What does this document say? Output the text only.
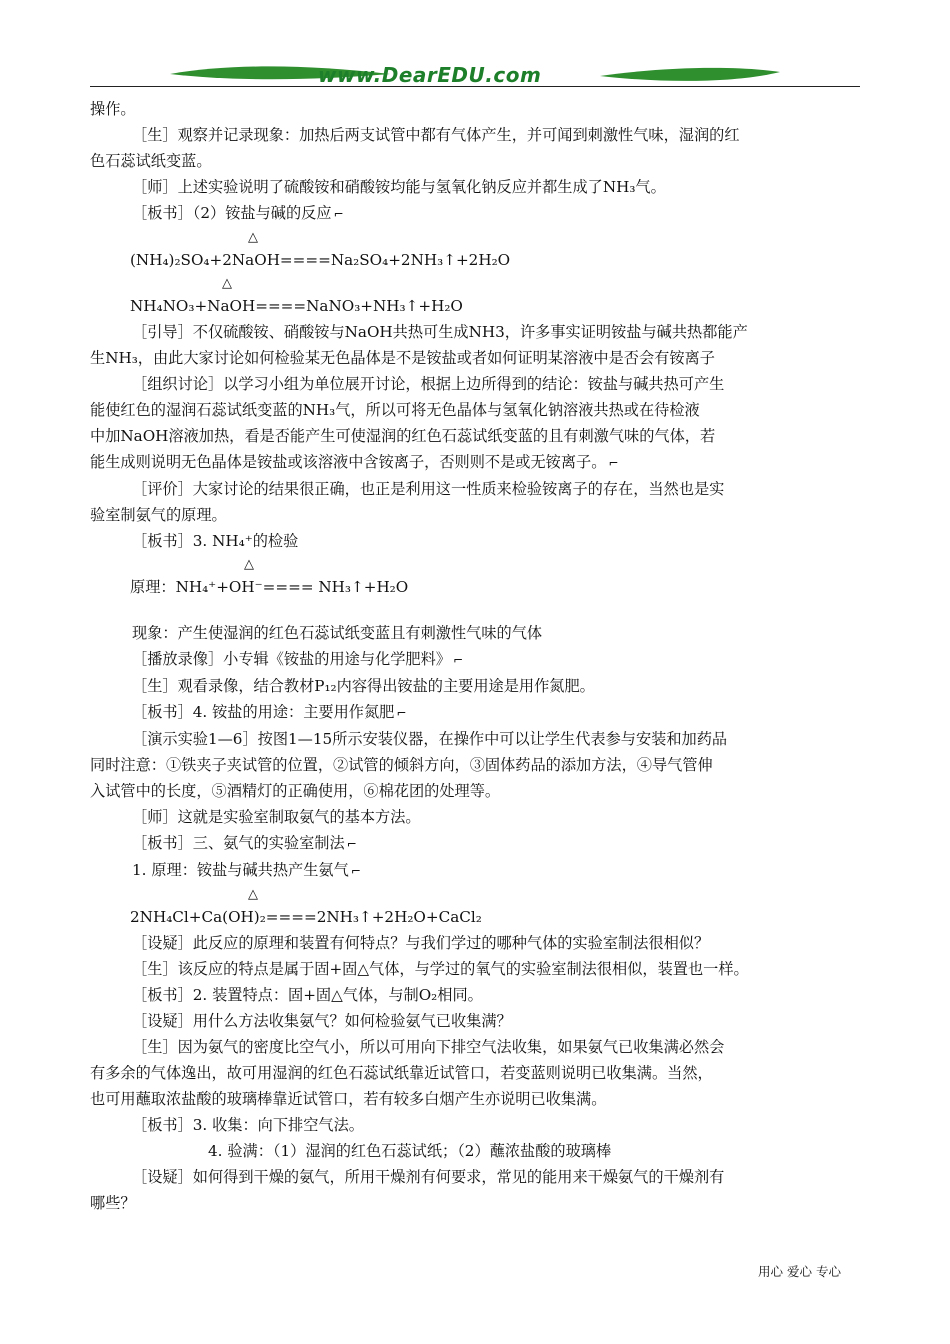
www.DearEDU.com

操作。

［生］观察并记录现象：加热后两支试管中都有气体产生，并可闻到刺激性气味，湿润的红

色石蕊试纸变蓝。

［师］上述实验说明了硫酸铵和硝酸铵均能与氢氧化钠反应并都生成了NH₃气。

［板书］（2）铵盐与碱的反应 ⌐

△
(NH₄)₂SO₄+2NaOH====Na₂SO₄+2NH₃↑+2H₂O

△
NH₄NO₃+NaOH====NaNO₃+NH₃↑+H₂O

［引导］不仅硫酸铵、硝酸铵与NaOH共热可生成NH3，许多事实证明铵盐与碱共热都能产

生NH₃，由此大家讨论如何检验某无色晶体是不是铵盐或者如何证明某溶液中是否会有铵离子

［组织讨论］以学习小组为单位展开讨论，根据上边所得到的结论：铵盐与碱共热可产生

能使红色的湿润石蕊试纸变蓝的NH₃气，所以可将无色晶体与氢氧化钠溶液共热或在待检液

中加NaOH溶液加热，看是否能产生可使湿润的红色石蕊试纸变蓝的且有刺激气味的气体，若

能生成则说明无色晶体是铵盐或该溶液中含铵离子，否则则不是或无铵离子。 ⌐

［评价］大家讨论的结果很正确，也正是利用这一性质来检验铵离子的存在，当然也是实

验室制氨气的原理。

［板书］3. NH₄⁺的检验

△
原理：NH₄⁺+OH⁻==== NH₃↑+H₂O

现象：产生使湿润的红色石蕊试纸变蓝且有刺激性气味的气体

［播放录像］小专辑《铵盐的用途与化学肥料》 ⌐

［生］观看录像，结合教材P₁₂内容得出铵盐的主要用途是用作氮肥。

［板书］4. 铵盐的用途：主要用作氮肥 ⌐

［演示实验1—6］按图1—15所示安装仪器，在操作中可以让学生代表参与安装和加药品

同时注意：①铁夹子夹试管的位置，②试管的倾斜方向，③固体药品的添加方法，④导气管伸

入试管中的长度，⑤酒精灯的正确使用，⑥棉花团的处理等。

［师］这就是实验室制取氨气的基本方法。

［板书］三、氨气的实验室制法 ⌐

1. 原理：铵盐与碱共热产生氨气 ⌐

△
2NH₄Cl+Ca(OH)₂====2NH₃↑+2H₂O+CaCl₂

［设疑］此反应的原理和装置有何特点？与我们学过的哪种气体的实验室制法很相似？

［生］该反应的特点是属于固+固△气体，与学过的氧气的实验室制法很相似，装置也一样。

［板书］2. 装置特点：固+固△气体，与制O₂相同。

［设疑］用什么方法收集氨气？如何检验氨气已收集满？

［生］因为氨气的密度比空气小，所以可用向下排空气法收集，如果氨气已收集满必然会

有多余的气体逸出，故可用湿润的红色石蕊试纸靠近试管口，若变蓝则说明已收集满。当然，

也可用蘸取浓盐酸的玻璃棒靠近试管口，若有较多白烟产生亦说明已收集满。

［板书］3. 收集：向下排空气法。

4. 验满：（1）湿润的红色石蕊试纸；（2）蘸浓盐酸的玻璃棒

［设疑］如何得到干燥的氨气，所用干燥剂有何要求，常见的能用来干燥氨气的干燥剂有

哪些？

用心 爱心 专心
